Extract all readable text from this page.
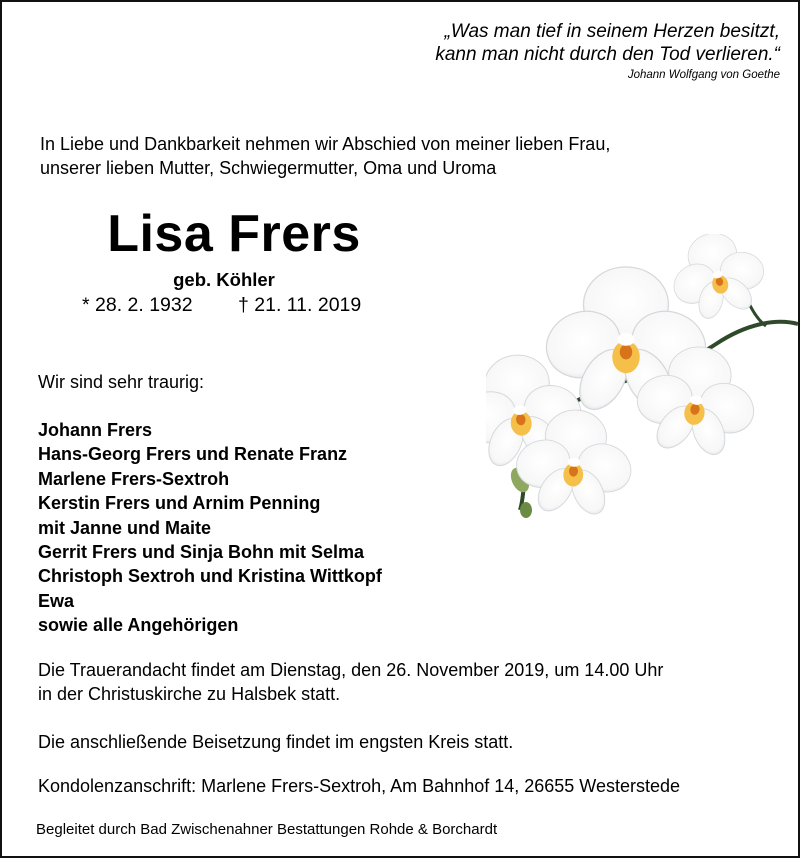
„Was man tief in seinem Herzen besitzt,
kann man nicht durch den Tod verlieren.“
Johann Wolfgang von Goethe
In Liebe und Dankbarkeit nehmen wir Abschied von meiner lieben Frau,
unserer lieben Mutter, Schwiegermutter, Oma und Uroma
Lisa Frers
geb. Köhler
* 28. 2. 1932 † 21. 11. 2019
Wir sind sehr traurig:
Johann Frers
Hans-Georg Frers und Renate Franz
Marlene Frers-Sextroh
Kerstin Frers und Arnim Penning
mit Janne und Maite
Gerrit Frers und Sinja Bohn mit Selma
Christoph Sextroh und Kristina Wittkopf
Ewa
sowie alle Angehörigen
Die Trauerandacht findet am Dienstag, den 26. November 2019, um 14.00 Uhr
in der Christuskirche zu Halsbek statt.
Die anschließende Beisetzung findet im engsten Kreis statt.
Kondolenzanschrift: Marlene Frers-Sextroh, Am Bahnhof 14, 26655 Westerstede
Begleitet durch Bad Zwischenahner Bestattungen Rohde & Borchardt
